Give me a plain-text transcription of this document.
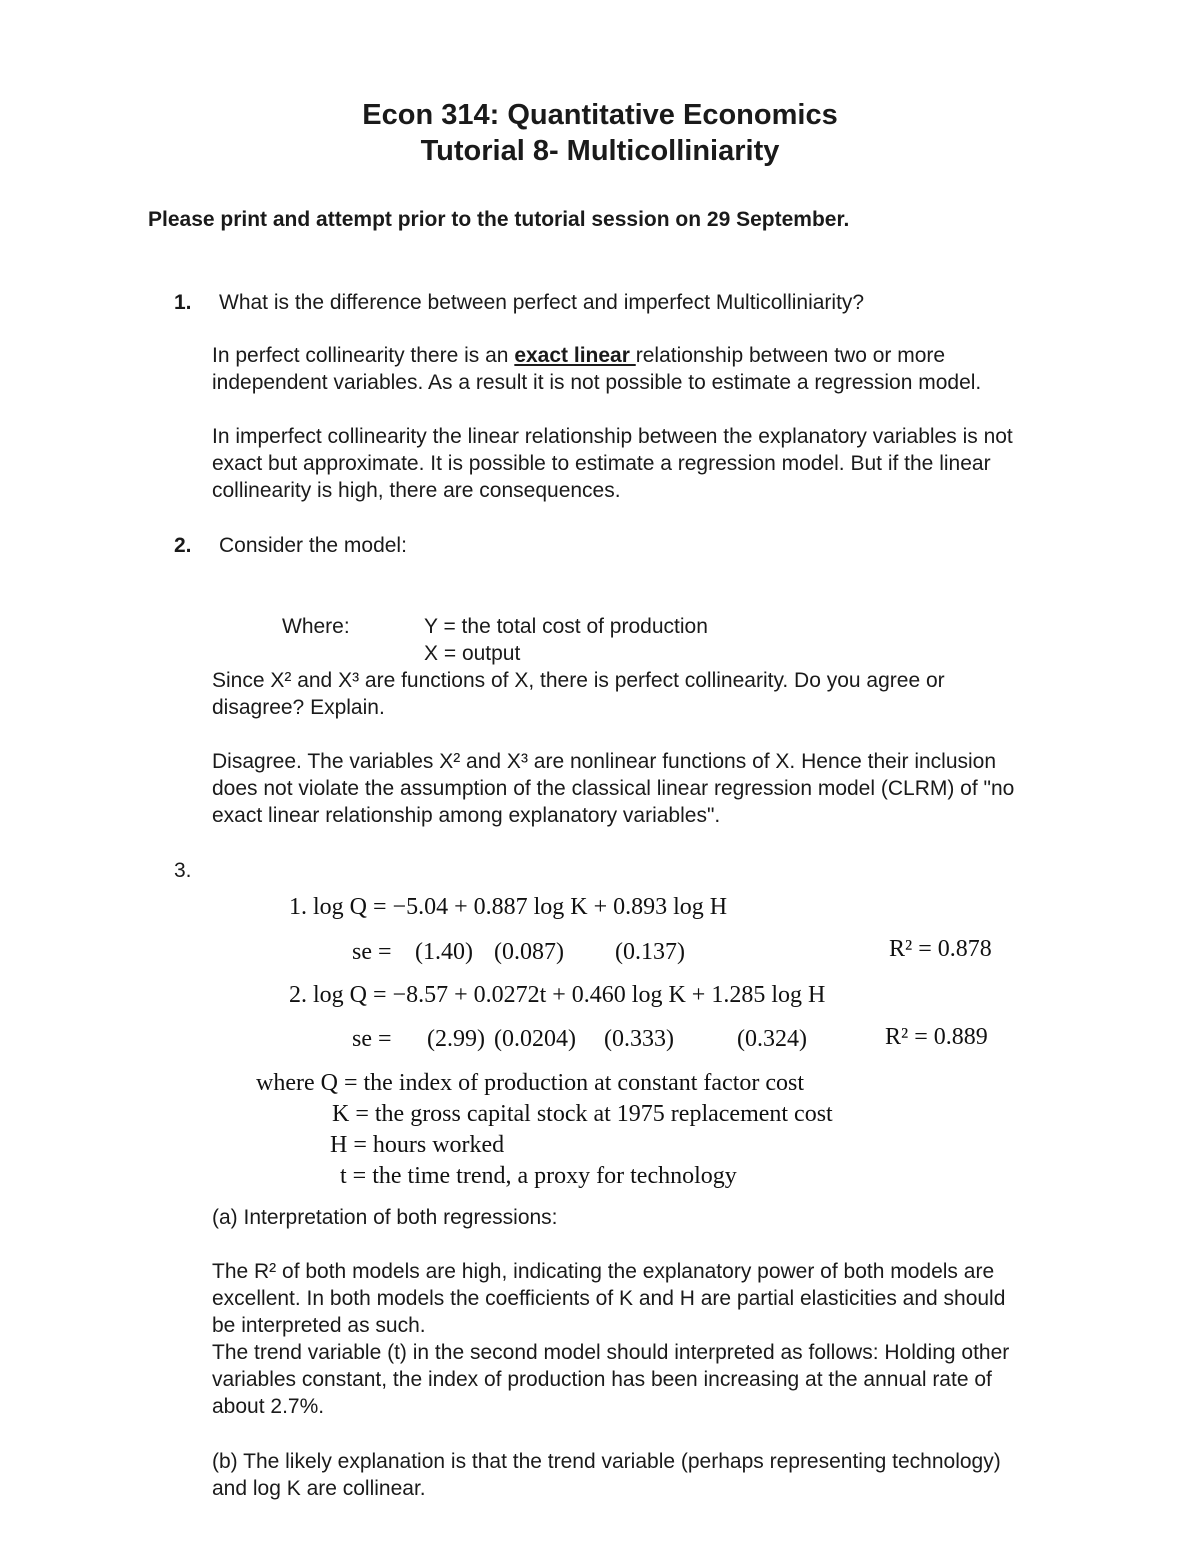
Econ 314: Quantitative Economics
Tutorial 8- Multicolliniarity
Please print and attempt prior to the tutorial session on 29 September.
1. What is the difference between perfect and imperfect Multicolliniarity?
In perfect collinearity there is an exact linear relationship between two or more
independent variables. As a result it is not possible to estimate a regression model.
In imperfect collinearity the linear relationship between the explanatory variables is not
exact but approximate. It is possible to estimate a regression model. But if the linear
collinearity is high, there are consequences.
2. Consider the model:
Where:	Y = the total cost of production
X = output
Since X² and X³ are functions of X, there is perfect collinearity. Do you agree or
disagree? Explain.
Disagree. The variables X² and X³ are nonlinear functions of X. Hence their inclusion
does not violate the assumption of the classical linear regression model (CLRM) of "no
exact linear relationship among explanatory variables".
3.
1. log Q = −5.04 + 0.887 log K + 0.893 log H
se = (1.40) (0.087) (0.137)	R² = 0.878
2. log Q = −8.57 + 0.0272t + 0.460 log K + 1.285 log H
se = (2.99) (0.0204) (0.333)	(0.324)	R² = 0.889
where Q = the index of production at constant factor cost
K = the gross capital stock at 1975 replacement cost
H = hours worked
t = the time trend, a proxy for technology
(a) Interpretation of both regressions:
The R² of both models are high, indicating the explanatory power of both models are
excellent. In both models the coefficients of K and H are partial elasticities and should
be interpreted as such.
The trend variable (t) in the second model should interpreted as follows: Holding other
variables constant, the index of production has been increasing at the annual rate of
about 2.7%.
(b) The likely explanation is that the trend variable (perhaps representing technology)
and log K are collinear.
